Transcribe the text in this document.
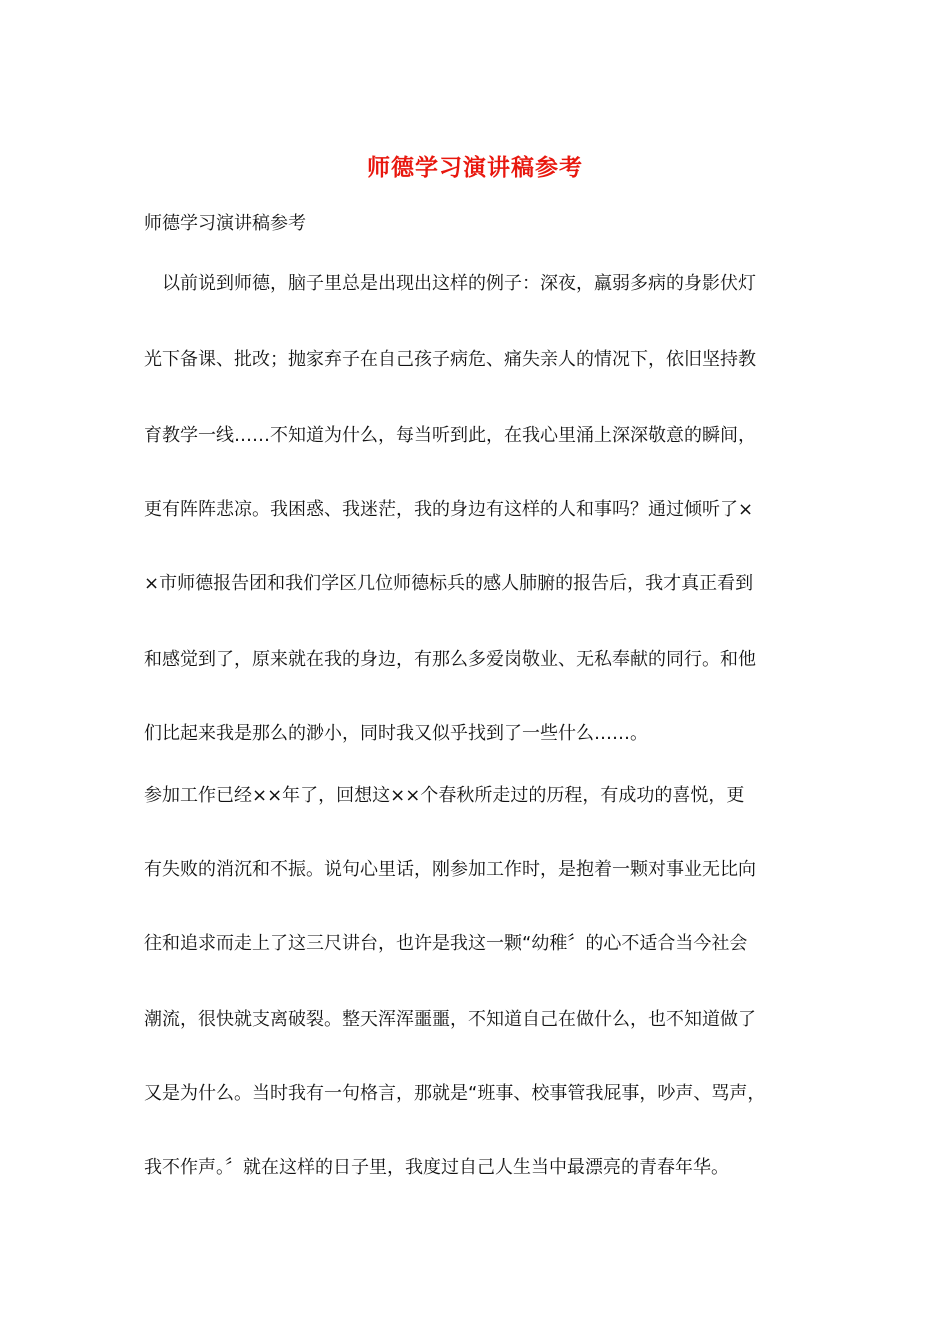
师德学习演讲稿参考
师德学习演讲稿参考
　以前说到师德，脑子里总是出现出这样的例子：深夜，羸弱多病的身影伏灯
光下备课、批改；抛家弃子在自己孩子病危、痛失亲人的情况下，依旧坚持教
育教学一线……不知道为什么，每当听到此，在我心里涌上深深敬意的瞬间，
更有阵阵悲凉。我困惑、我迷茫，我的身边有这样的人和事吗？通过倾听了×
×市师德报告团和我们学区几位师德标兵的感人肺腑的报告后，我才真正看到
和感觉到了，原来就在我的身边，有那么多爱岗敬业、无私奉献的同行。和他
们比起来我是那么的渺小，同时我又似乎找到了一些什么……。
参加工作已经××年了，回想这××个春秋所走过的历程，有成功的喜悦，更
有失败的消沉和不振。说句心里话，刚参加工作时，是抱着一颗对事业无比向
往和追求而走上了这三尺讲台，也许是我这一颗“幼稚〞的心不适合当今社会
潮流，很快就支离破裂。整天浑浑噩噩，不知道自己在做什么，也不知道做了
又是为什么。当时我有一句格言，那就是“班事、校事管我屁事，吵声、骂声，
我不作声。〞就在这样的日子里，我度过自己人生当中最漂亮的青春年华。
